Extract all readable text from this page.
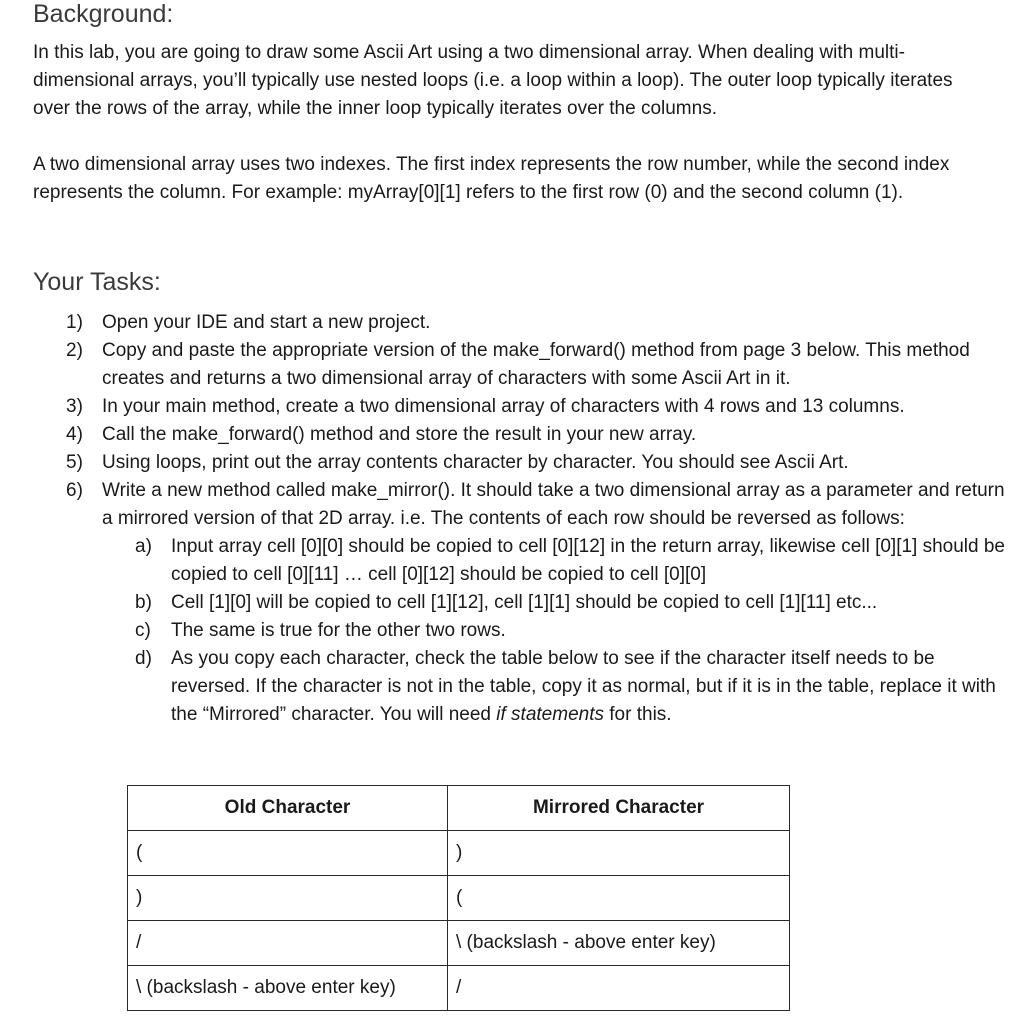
Background:

In this lab, you are going to draw some Ascii Art using a two dimensional array. When dealing with multi-dimensional arrays, you’ll typically use nested loops (i.e. a loop within a loop). The outer loop typically iterates over the rows of the array, while the inner loop typically iterates over the columns.

A two dimensional array uses two indexes. The first index represents the row number, while the second index represents the column. For example: myArray[0][1] refers to the first row (0) and the second column (1).

Your Tasks:
1) Open your IDE and start a new project.
2) Copy and paste the appropriate version of the make_forward() method from page 3 below. This method creates and returns a two dimensional array of characters with some Ascii Art in it.
3) In your main method, create a two dimensional array of characters with 4 rows and 13 columns.
4) Call the make_forward() method and store the result in your new array.
5) Using loops, print out the array contents character by character. You should see Ascii Art.
6) Write a new method called make_mirror(). It should take a two dimensional array as a parameter and return a mirrored version of that 2D array. i.e. The contents of each row should be reversed as follows:
a) Input array cell [0][0] should be copied to cell [0][12] in the return array, likewise cell [0][1] should be copied to cell [0][11] … cell [0][12] should be copied to cell [0][0]
b) Cell [1][0] will be copied to cell [1][12], cell [1][1] should be copied to cell [1][11] etc...
c) The same is true for the other two rows.
d) As you copy each character, check the table below to see if the character itself needs to be reversed. If the character is not in the table, copy it as normal, but if it is in the table, replace it with the “Mirrored” character. You will need if statements for this.
Old Character	Mirrored Character
(	)
)	(
/	\ (backslash - above enter key)
\ (backslash - above enter key)	/
